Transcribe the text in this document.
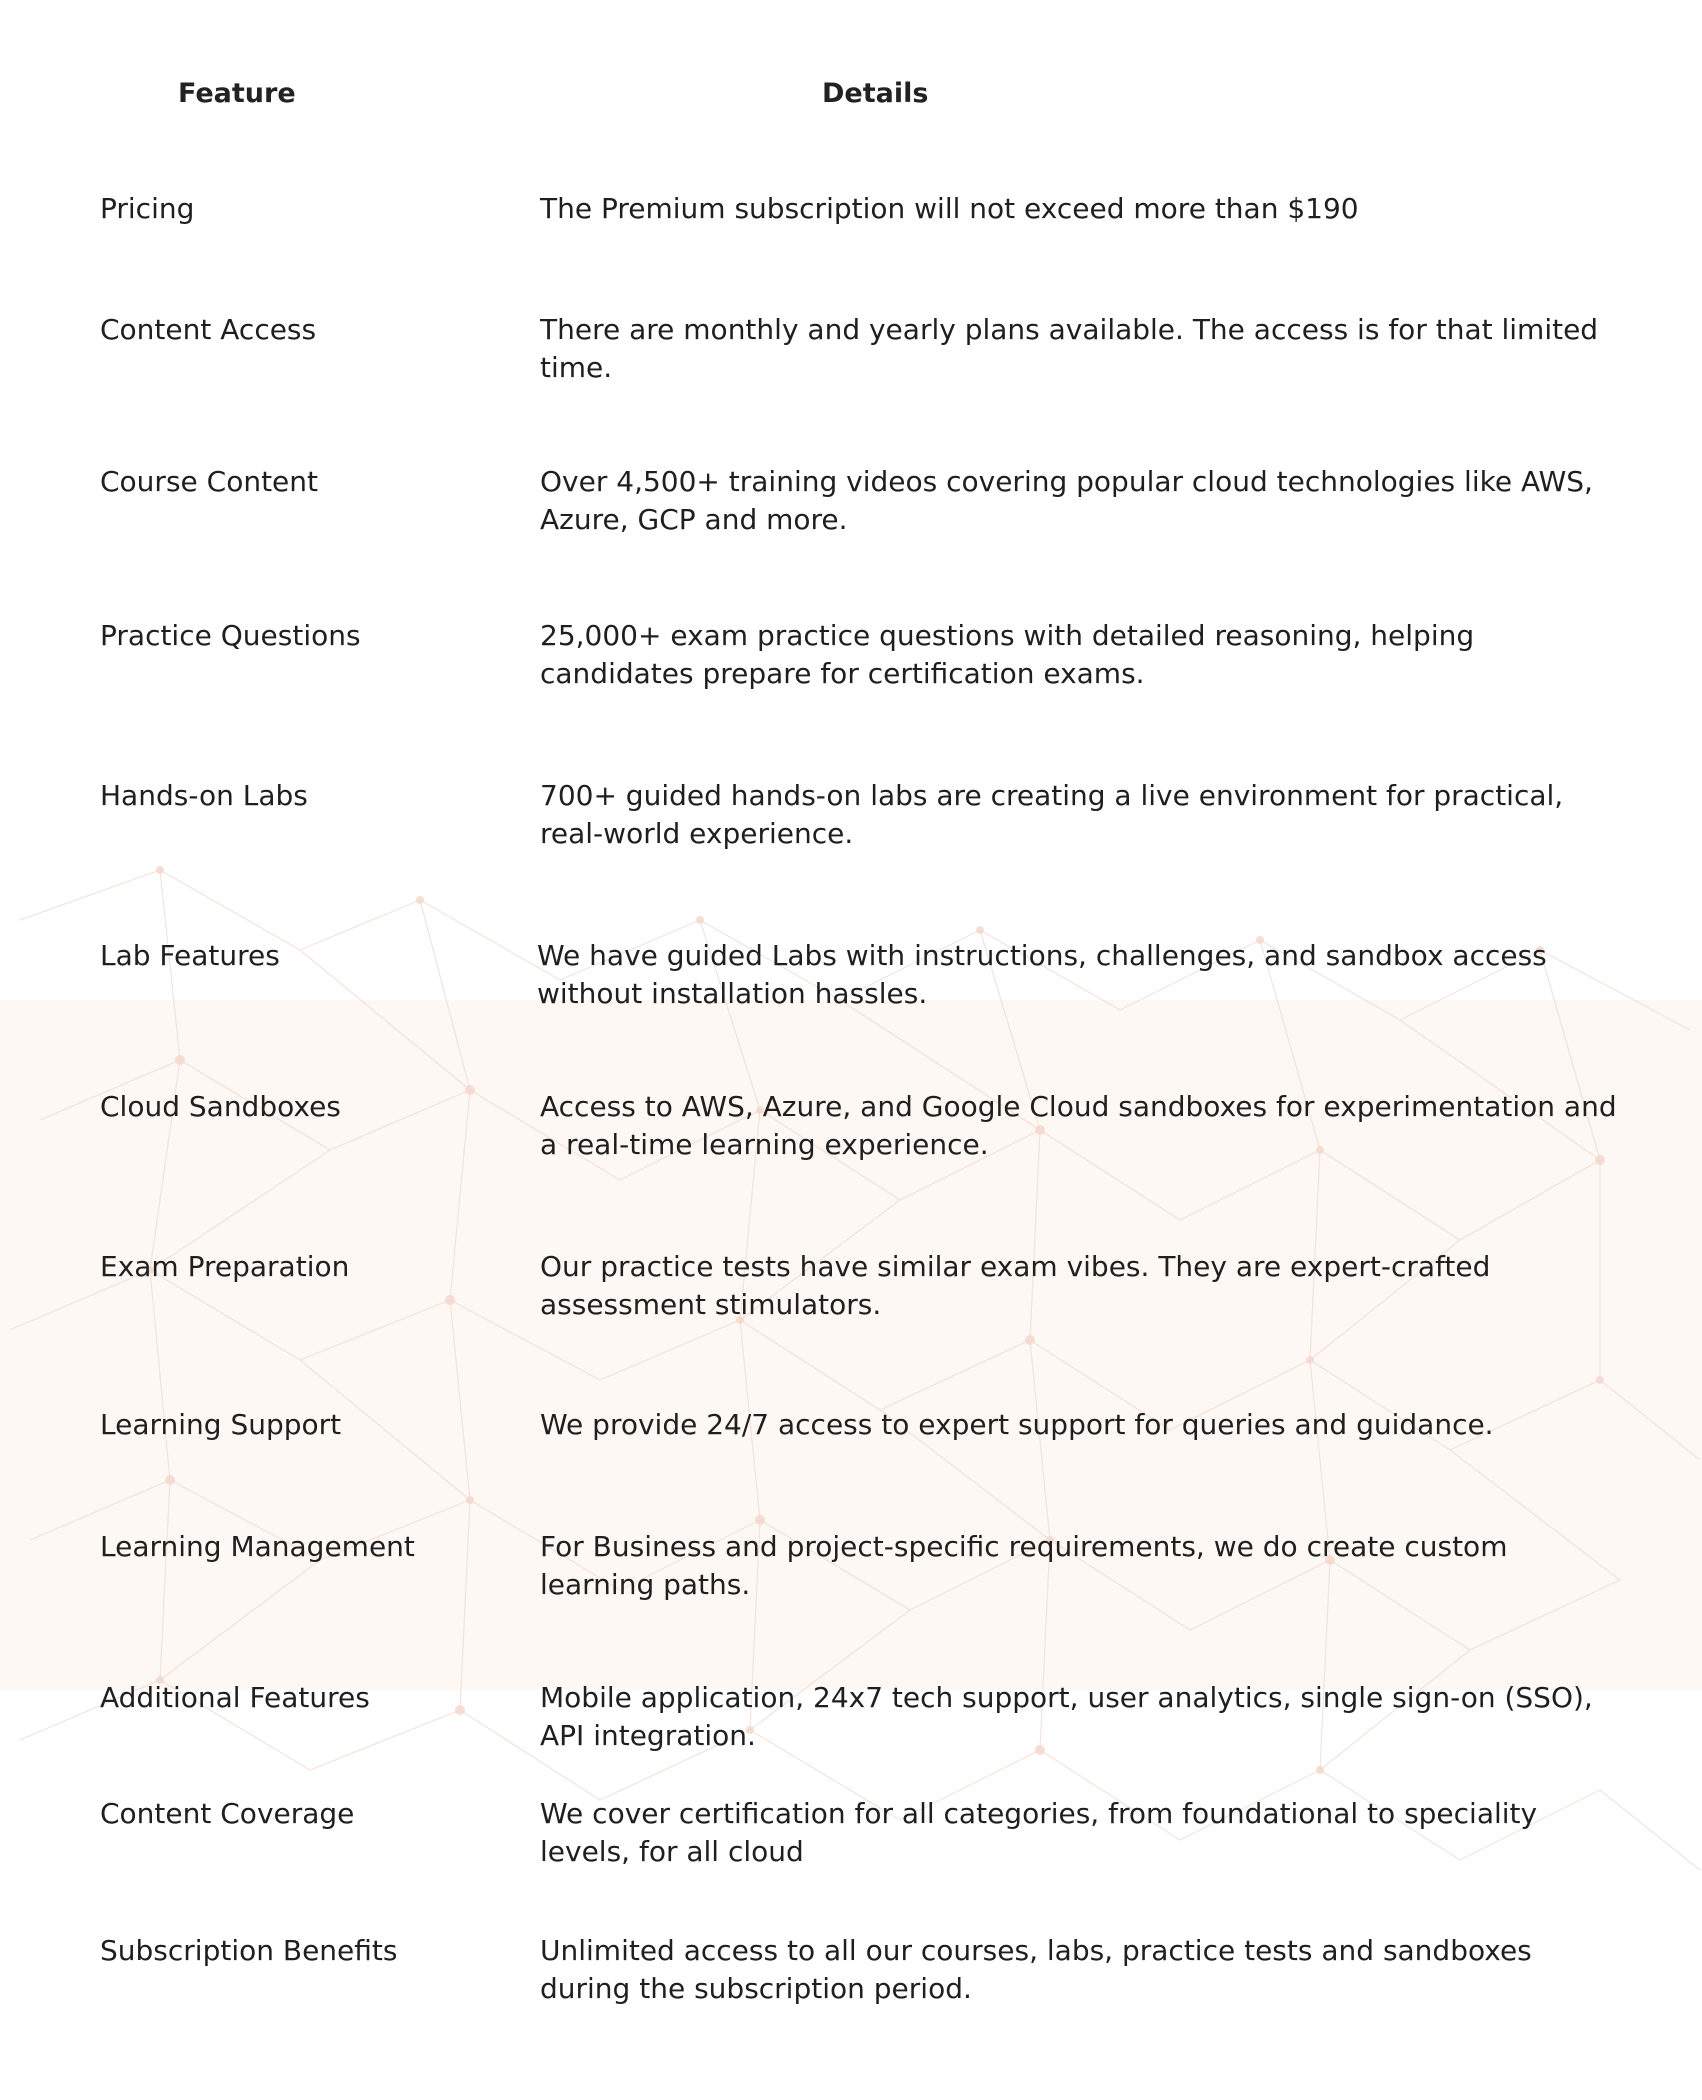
Feature	Details
Pricing	The Premium subscription will not exceed more than $190
Content Access	There are monthly and yearly plans available. The access is for that limited time.
Course Content	Over 4,500+ training videos covering popular cloud technologies like AWS, Azure, GCP and more.
Practice Questions	25,000+ exam practice questions with detailed reasoning, helping candidates prepare for certification exams.
Hands-on Labs	700+ guided hands-on labs are creating a live environment for practical, real-world experience.
Lab Features	We have guided Labs with instructions, challenges, and sandbox access without installation hassles.
Cloud Sandboxes	Access to AWS, Azure, and Google Cloud sandboxes for experimentation and a real-time learning experience.
Exam Preparation	Our practice tests have similar exam vibes. They are expert-crafted assessment stimulators.
Learning Support	We provide 24/7 access to expert support for queries and guidance.
Learning Management	For Business and project-specific requirements, we do create custom learning paths.
Additional Features	Mobile application, 24x7 tech support, user analytics, single sign-on (SSO), API integration.
Content Coverage	We cover certification for all categories, from foundational to speciality levels, for all cloud
Subscription Benefits	Unlimited access to all our courses, labs, practice tests and sandboxes during the subscription period.
